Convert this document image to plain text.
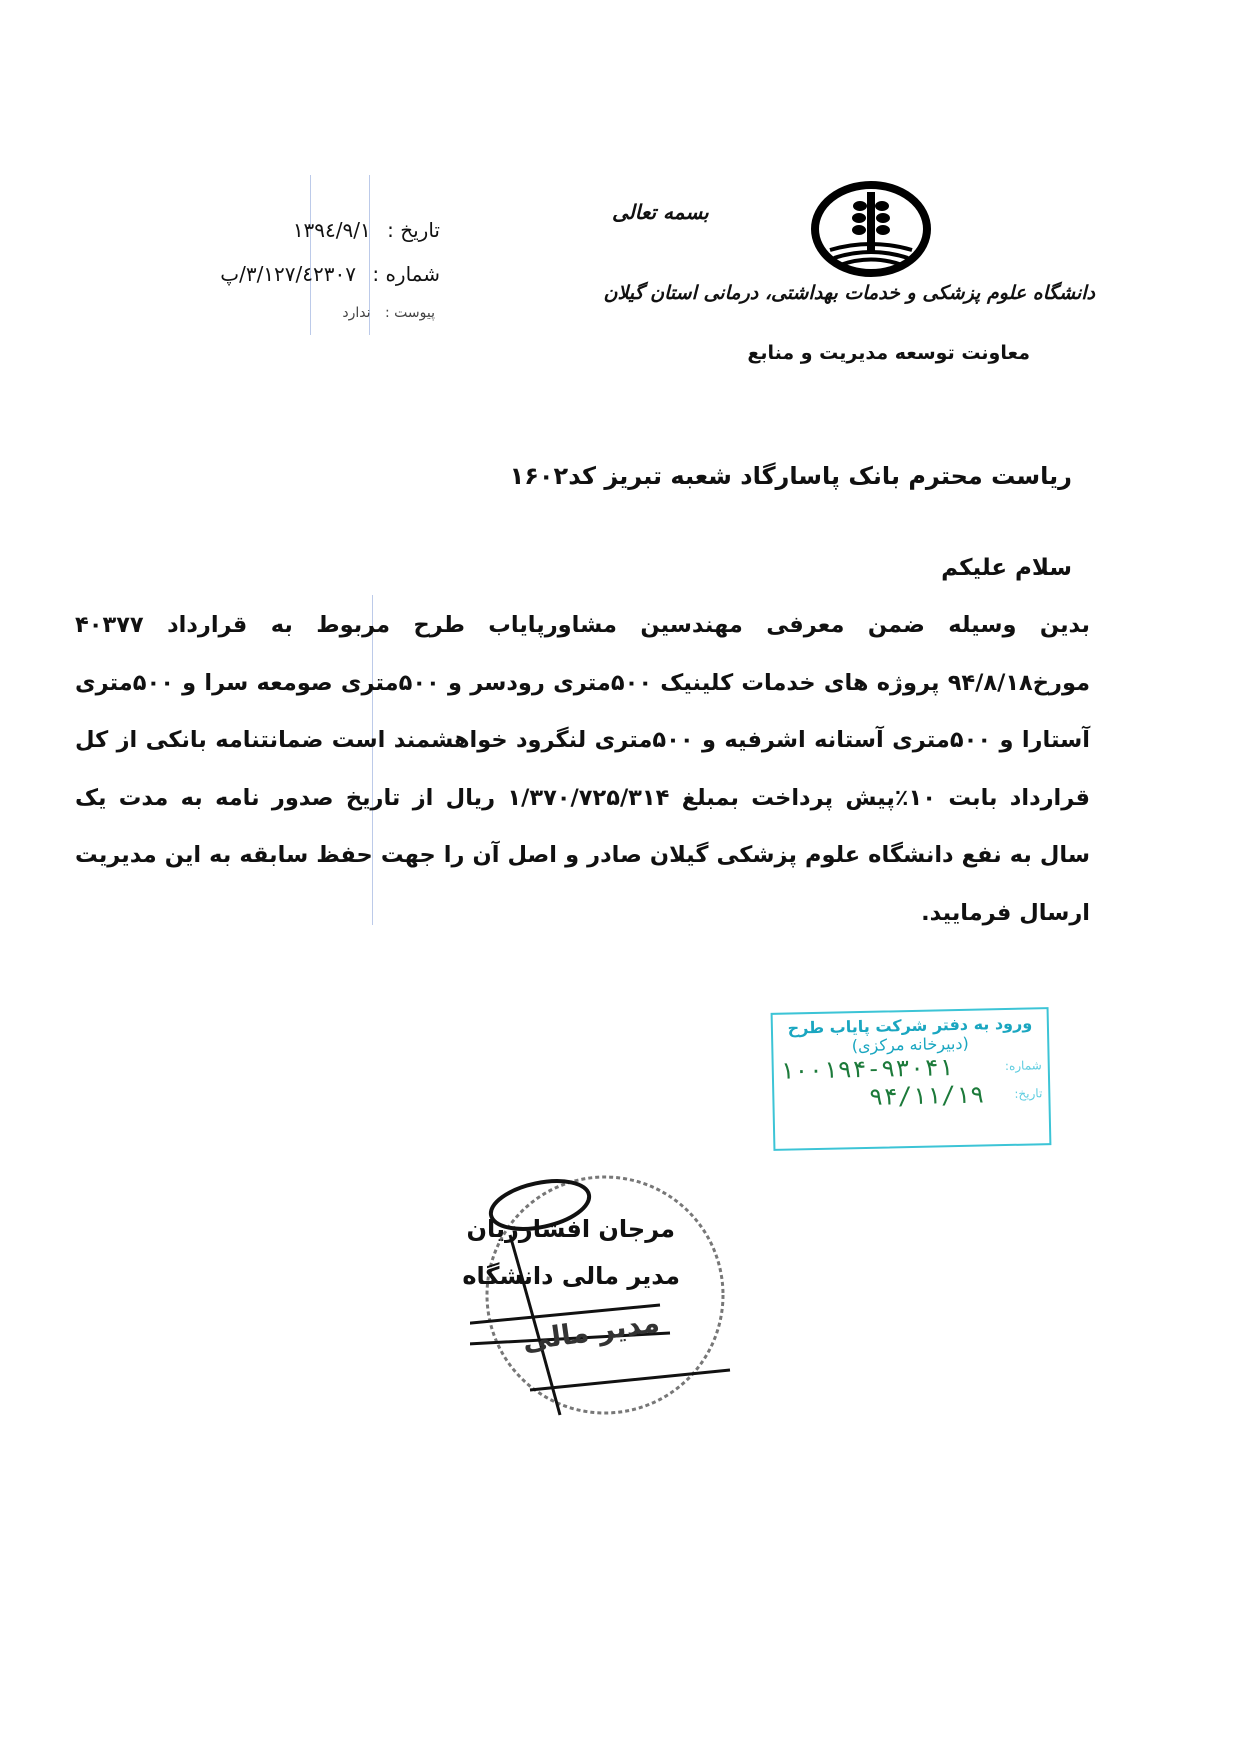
تاریخ : ۱۳۹٤/۹/۱
شماره : ۳/۱۲۷/٤۲۳۰۷/پ
پیوست : ندارد
بسمه تعالی
دانشگاه علوم پزشکی و خدمات بهداشتی، درمانی استان گیلان
معاونت توسعه مدیریت و منابع
ریاست محترم بانک پاسارگاد شعبه تبریز کد۱۶۰۲
سلام علیکم
بدین وسیله ضمن معرفی مهندسین مشاورپایاب طرح مربوط به قرارداد ۴۰۳۷۷
مورخ۹۴/۸/۱۸ پروژه های خدمات کلینیک ۵۰۰متری رودسر و ۵۰۰متری صومعه سرا و ۵۰۰متری
آستارا و ۵۰۰متری آستانه اشرفیه و ۵۰۰متری لنگرود خواهشمند است ضمانتنامه بانکی از کل
قرارداد بابت ۱۰٪پیش پرداخت بمبلغ ۱/۳۷۰/۷۲۵/۳۱۴ ریال از تاریخ صدور نامه به مدت یک
سال به نفع دانشگاه علوم پزشکی گیلان صادر و اصل آن را جهت حفظ سابقه به این مدیریت
ارسال فرمایید.
ورود به دفتر شرکت پایاب طرح
(دبیرخانه مرکزی)
شماره:
۱۰۰۱۹۴-۹۳۰۴۱
تاریخ:
۹۴/۱۱/۱۹
مرجان افشارزیان
مدیر مالی دانشگاه
مدیر مالی
